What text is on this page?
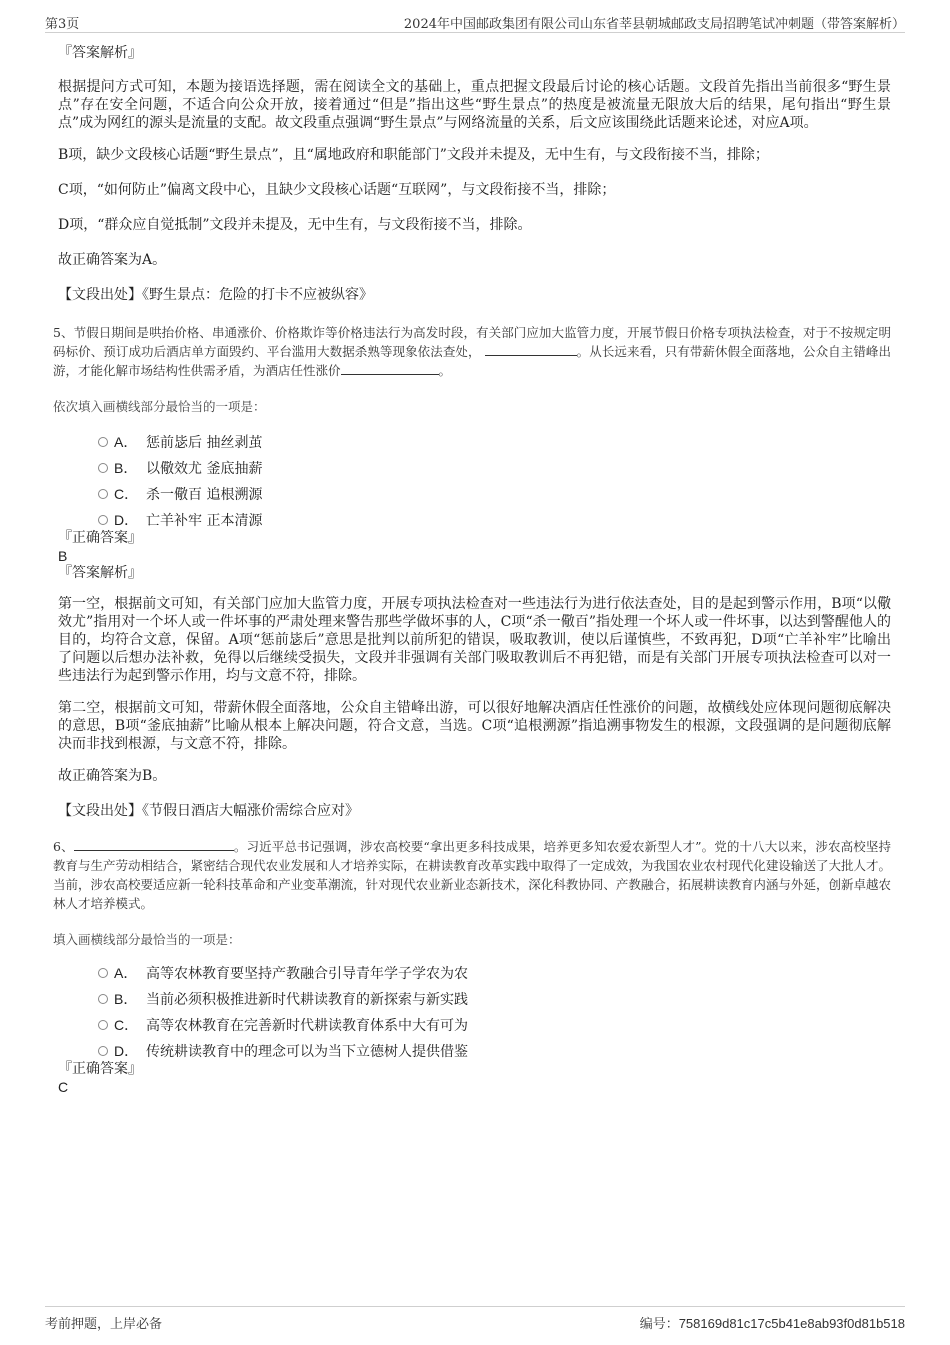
第3页	2024年中国邮政集团有限公司山东省莘县朝城邮政支局招聘笔试冲刺题（带答案解析）

『答案解析』

根据提问方式可知，本题为接语选择题，需在阅读全文的基础上，重点把握文段最后讨论的核心话题。文段首先指出当前很多“野生景点”存在安全问题，不适合向公众开放，接着通过“但是”指出这些“野生景点”的热度是被流量无限放大后的结果，尾句指出“野生景点”成为网红的源头是流量的支配。故文段重点强调“野生景点”与网络流量的关系，后文应该围绕此话题来论述，对应A项。

B项，缺少文段核心话题“野生景点”，且“属地政府和职能部门”文段并未提及，无中生有，与文段衔接不当，排除；

C项，“如何防止”偏离文段中心，且缺少文段核心话题“互联网”，与文段衔接不当，排除；

D项，“群众应自觉抵制”文段并未提及，无中生有，与文段衔接不当，排除。

故正确答案为A。

【文段出处】《野生景点：危险的打卡不应被纵容》

5、节假日期间是哄抬价格、串通涨价、价格欺诈等价格违法行为高发时段，有关部门应加大监管力度，开展节假日价格专项执法检查，对于不按规定明码标价、预订成功后酒店单方面毁约、平台滥用大数据杀熟等现象依法查处，	。从长远来看，只有带薪休假全面落地，公众自主错峰出游，才能化解市场结构性供需矛盾，为酒店任性涨价	。

依次填入画横线部分最恰当的一项是：

A． 惩前毖后 抽丝剥茧
B． 以儆效尤 釜底抽薪
C． 杀一儆百 追根溯源
D． 亡羊补牢 正本清源

『正确答案』

B

『答案解析』

第一空，根据前文可知，有关部门应加大监管力度，开展专项执法检查对一些违法行为进行依法查处，目的是起到警示作用，B项“以儆效尤”指用对一个坏人或一件坏事的严肃处理来警告那些学做坏事的人，C项“杀一儆百”指处理一个坏人或一件坏事，以达到警醒他人的目的，均符合文意，保留。A项“惩前毖后”意思是批判以前所犯的错误，吸取教训，使以后谨慎些，不致再犯，D项“亡羊补牢”比喻出了问题以后想办法补救，免得以后继续受损失，文段并非强调有关部门吸取教训后不再犯错，而是有关部门开展专项执法检查可以对一些违法行为起到警示作用，均与文意不符，排除。

第二空，根据前文可知，带薪休假全面落地，公众自主错峰出游，可以很好地解决酒店任性涨价的问题，故横线处应体现问题彻底解决的意思，B项“釜底抽薪”比喻从根本上解决问题，符合文意，当选。C项“追根溯源”指追溯事物发生的根源，文段强调的是问题彻底解决而非找到根源，与文意不符，排除。

故正确答案为B。

【文段出处】《节假日酒店大幅涨价需综合应对》

6、	。习近平总书记强调，涉农高校要“拿出更多科技成果，培养更多知农爱农新型人才”。党的十八大以来，涉农高校坚持教育与生产劳动相结合，紧密结合现代农业发展和人才培养实际，在耕读教育改革实践中取得了一定成效，为我国农业农村现代化建设输送了大批人才。当前，涉农高校要适应新一轮科技革命和产业变革潮流，针对现代农业新业态新技术，深化科教协同、产教融合，拓展耕读教育内涵与外延，创新卓越农林人才培养模式。

填入画横线部分最恰当的一项是：

A． 高等农林教育要坚持产教融合引导青年学子学农为农
B． 当前必须积极推进新时代耕读教育的新探索与新实践
C． 高等农林教育在完善新时代耕读教育体系中大有可为
D． 传统耕读教育中的理念可以为当下立德树人提供借鉴

『正确答案』

C

考前押题，上岸必备	编号：758169d81c17c5b41e8ab93f0d81b518
